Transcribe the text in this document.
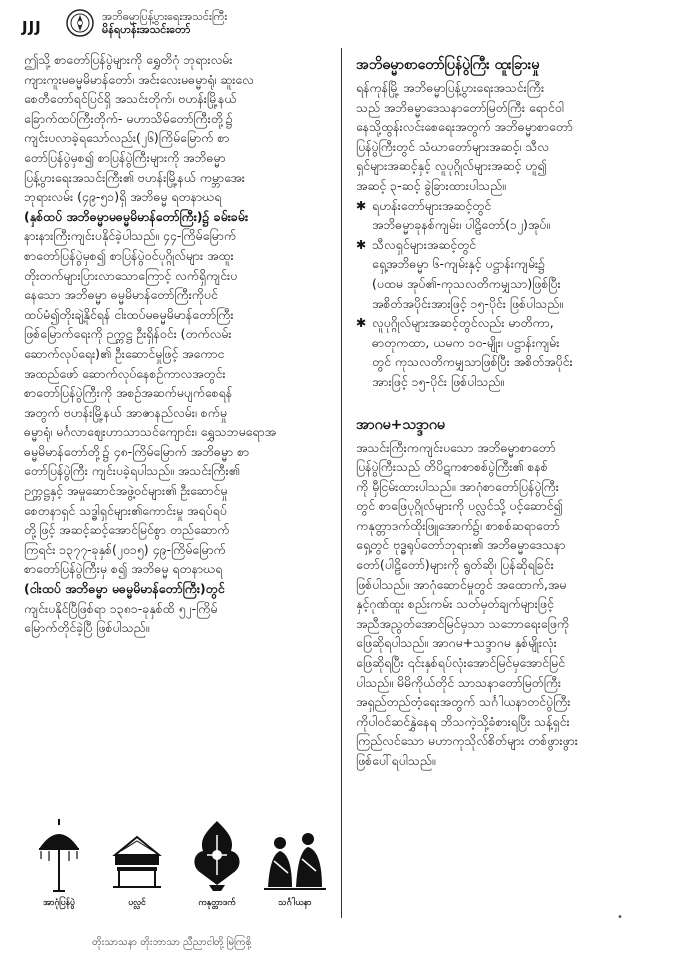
JJJ
အဘိဓမ္မာပြန့်ပွားရေးအသင်းကြီး
မိန်ရဟန်းအသင်းတော်

ဤသို့ စာတော်ပြန်ပွဲများကို ရွှေတိဂုံ ဘုရားလမ်း

ကျားကူးမဓမ္မမိမာန်တော်၊ အင်းလေးမဓမ္မာရုံ၊ ဆူးလေ

စေတီတော်ရင်ပြင်ရှိ အသင်းတိုက်၊ ဗဟန်းမြို့နယ်

ခြောက်ထပ်ကြီးတိုက်- မဟာသိမ်တော်ကြီးတို့၌

ကျင်းပလာခဲ့ရသော်လည်း(၂၆)ကြိမ်မြောက် စာ

တော်ပြန်ပွဲမှစ၍ စာပြန်ပွဲကြီးများကို အဘိဓမ္မာ

ပြန့်ပွားရေးအသင်းကြီး၏ ဗဟန်းမြို့နယ် ကမ္ဘာအေး

ဘုရားလမ်း (၄၉-၅၁)ရှိ အဘိဓမ္မ ရတနာဃရ

(နှစ်ထပ် အဘိဓမ္မာမဓမ္မမိမာန်တော်ကြီး)၌ ခမ်းခမ်း

နားနားကြီးကျင်းပနိုင်ခဲ့ပါသည်။ ၄၄-ကြိမ်မြောက်

စာတော်ပြန်ပွဲမှစ၍ စာပြန်ပွဲဝင်ပုဂ္ဂိုလ်များ အထူး

တိုးတက်များပြားလာသောကြောင့် လက်ရှိကျင်းပ

နေသော အဘိဓမ္မာ ဓမ္မမိမာန်တော်ကြီးကိုပင်

ထပ်မံ၍တိုးချဲ့နိုင်ရန် ငါးထပ်မဓမ္မမိမာန်တော်ကြီး

ဖြစ်မြောက်ရေးကို ဉက္ကဋ္ဌ ဦးရှိန်ဝင်း (တက်လမ်း

ဆောက်လုပ်ရေး)၏ ဦးဆောင်မှုဖြင့် အကောင

အထည်ဖော် ဆောက်လုပ်နေစဉ်ကာလအတွင်း

စာတော်ပြန်ပွဲကြီးကို အစဉ်အဆက်မပျက်စေရန်

အတွက် ဗဟန်းမြို့နယ် အာဇာနည်လမ်း၊ စက်မှု

ဓမ္မာရုံ၊ မင်္ဂလာဈေးဟာသာသင်ကျောင်း၊ ရွှေသဘမရောအ

ဓမ္မမိမာန်တော်တို့၌ ၄၈-ကြိမ်မြောက် အဘိဓမ္မာ စာ

တော်ပြန်ပွဲကြီး ကျင်းပခဲ့ရပါသည်။ အသင်းကြီး၏

ဉက္ကဋ္ဌနှင့် အမှုဆောင်အဖွဲ့ဝင်များ၏ ဦးဆောင်မှု

စေတနာရှင် သဒ္ဓါရှင်များ၏ကောင်းမှု အရပ်ရပ်

တို့ဖြင့် အဆင့်ဆင့်အောင်မြင်စွာ တည်ဆောက်

ကြရင်း ၁၃၇၇-ခုနှစ်(၂၀၁၅) ၄၉-ကြိမ်မြောက်

စာတော်ပြန်ပွဲကြီးမှ စ၍ အဘိဓမ္မ ရတနာဃရ

(ငါးထပ် အဘိဓမ္မာ မဓမ္မမိမာန်တော်ကြီး)တွင်

ကျင်းပနိုင်ပြီဖြစ်ရာ ၁၃၈၁-ခုနှစ်ထိ ၅၂-ကြိမ်

မြောက်တိုင်ခဲ့ပြီ ဖြစ်ပါသည်။

အဘိဓမ္မာစာတော်ပြန်ပွဲကြီး ထူးခြားမှု

ရန်ကုန်မြို့ အဘိဓမ္မာပြန့်ပွားရေးအသင်းကြီး

သည် အဘိဓမ္မာဒေသနာတော်မြတ်ကြီး ရောင်ဝါ

နေသို့ထွန်းလင်းစေရေးအတွက် အဘိဓမ္မာစာတော်

ပြန်ပွဲကြီးတွင် သံဃာတော်များအဆင့်၊ သီလ

ရှင်များအဆင့်နှင့် လူပုဂ္ဂိုလ်များအဆင့် ဟူ၍

အဆင့် ၃-ဆင့် ခွဲခြားထားပါသည်။

✱ ရဟန်းတော်များအဆင့်တွင်

အဘိဓမ္မာခုနစ်ကျမ်း၊ ပါဠိတော်(၁၂)အုပ်။

✱ သီလရှင်များအဆင့်တွင်

ရှေ့အဘိဓမ္မာ ၆-ကျမ်းနှင့် ပဋ္ဌာန်းကျမ်း၌

(ပထမ အုပ်၏-ကုသလတိကမျှသာ)ဖြစ်ပြီး

အစိတ်အပိုင်းအားဖြင့် ၁၅-ပိုင်း ဖြစ်ပါသည်။

✱ လူပုဂ္ဂိုလ်များအဆင့်တွင်လည်း မာတိကာ,

ဓာတုကထာ, ယမက ၁၀-မျိုး၊ ပဋ္ဌာန်းကျမ်း

တွင် ကုသလတိကမျှသာဖြစ်ပြီး အစိတ်အပိုင်း

အားဖြင့် ၁၅-ပိုင်း ဖြစ်ပါသည်။

အာဂမ+သဒ္ဒာဂမ

အသင်းကြီးကကျင်းပသော အဘိဓမ္မာစာတော်

ပြန်ပွဲကြီးသည် တိပိဋကစာစစ်ပွဲကြီး၏ စနစ်

ကို မှီငြမ်းထားပါသည်။ အာဂုံစာတော်ပြန်ပွဲကြီး

တွင် စာဖြေပုဂ္ဂိုလ်များကို ပလ္လင်သို့ ပင့်ဆောင်၍

ကနုတ္တာဒက်ထိုးဖြူအောက်၌၊ စာစစ်ဆရာတော်

ရှေ့တွင် ဗုဒ္ဓရုပ်တော်ဘုရား၏ အဘိဓမ္မာဒေသနာ

တော်(ပါဠိတော်)များကို ရွတ်ဆို၊ ပြန်ဆိုရခြင်း

ဖြစ်ပါသည်။ အာဂုံဆောင်မှုတွင် အထောက်,အမ

နှင့်ဂုဏ်ထူး စည်းကမ်း သတ်မှတ်ချက်များဖြင့်

အညီအညွတ်အောင်မြင်မှသာ သဘောရေးဖြေကို

ဖြေဆိုရပါသည်။ အာဂမ+သဒ္ဒာဂမ နှစ်မျိုးလုံး

ဖြေဆိုရပြီး ၎င်းနှစ်ရပ်လုံးအောင်မြင်မှအောင်မြင်

ပါသည်။ မိမိကိုယ်တိုင် သာသနာတော်မြတ်ကြီး

အရှည်တည်တံ့ရေးအတွက် သင်္ဂါယနာတင်ပွဲကြီး

ကိုပါဝင်ဆင်နွှဲနေရ ဘိသကဲ့သို့ခံစားရပြီး သန့်ရှင်း

ကြည်လင်သော မဟာကုသိုလ်စိတ်များ တစ်ဖွားဖွား

ဖြစ်ပေါ်ရပါသည်။

အာဂုံပြန်ပွဲ	ပလ္လင်	ကနုတ္တာဒက်	သင်္ဂါယနာ
•
တိုးသာသနာ တိုးဘာသာ ညီညာငါတို့ မြဲကြစို့
